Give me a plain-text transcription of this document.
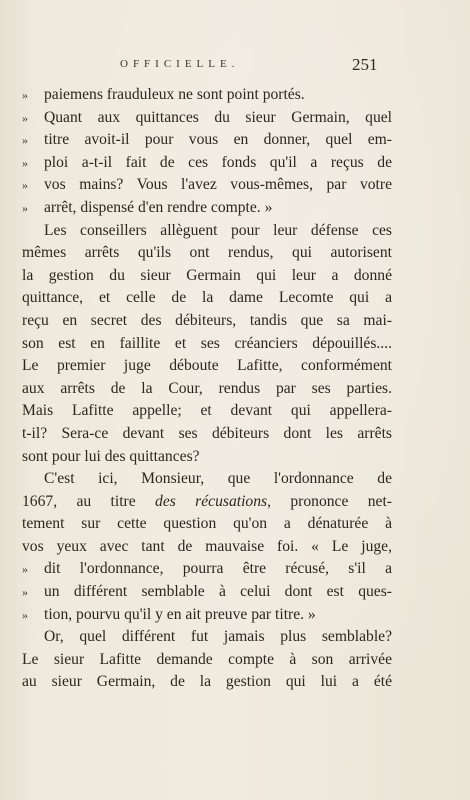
OFFICIELLE.	251
»	paiemens frauduleux ne sont point portés.
»	Quant aux quittances du sieur Germain, quel
»	titre avoit-il pour vous en donner, quel em-
»	ploi a-t-il fait de ces fonds qu'il a reçus de
»	vos mains? Vous l'avez vous-mêmes, par votre
»	arrêt, dispensé d'en rendre compte. »
Les conseillers allèguent pour leur défense ces
mêmes arrêts qu'ils ont rendus, qui autorisent
la gestion du sieur Germain qui leur a donné
quittance, et celle de la dame Lecomte qui a
reçu en secret des débiteurs, tandis que sa mai-
son est en faillite et ses créanciers dépouillés....
Le premier juge déboute Lafitte, conformément
aux arrêts de la Cour, rendus par ses parties.
Mais Lafitte appelle; et devant qui appellera-
t-il? Sera-ce devant ses débiteurs dont les arrêts
sont pour lui des quittances?
C'est ici, Monsieur, que l'ordonnance de
1667, au titre des récusations, prononce net-
tement sur cette question qu'on a dénaturée à
vos yeux avec tant de mauvaise foi. « Le juge,
»	dit l'ordonnance, pourra être récusé, s'il a
»	un différent semblable à celui dont est ques-
»	tion, pourvu qu'il y en ait preuve par titre. »
Or, quel différent fut jamais plus semblable?
Le sieur Lafitte demande compte à son arrivée
au sieur Germain, de la gestion qui lui a été
